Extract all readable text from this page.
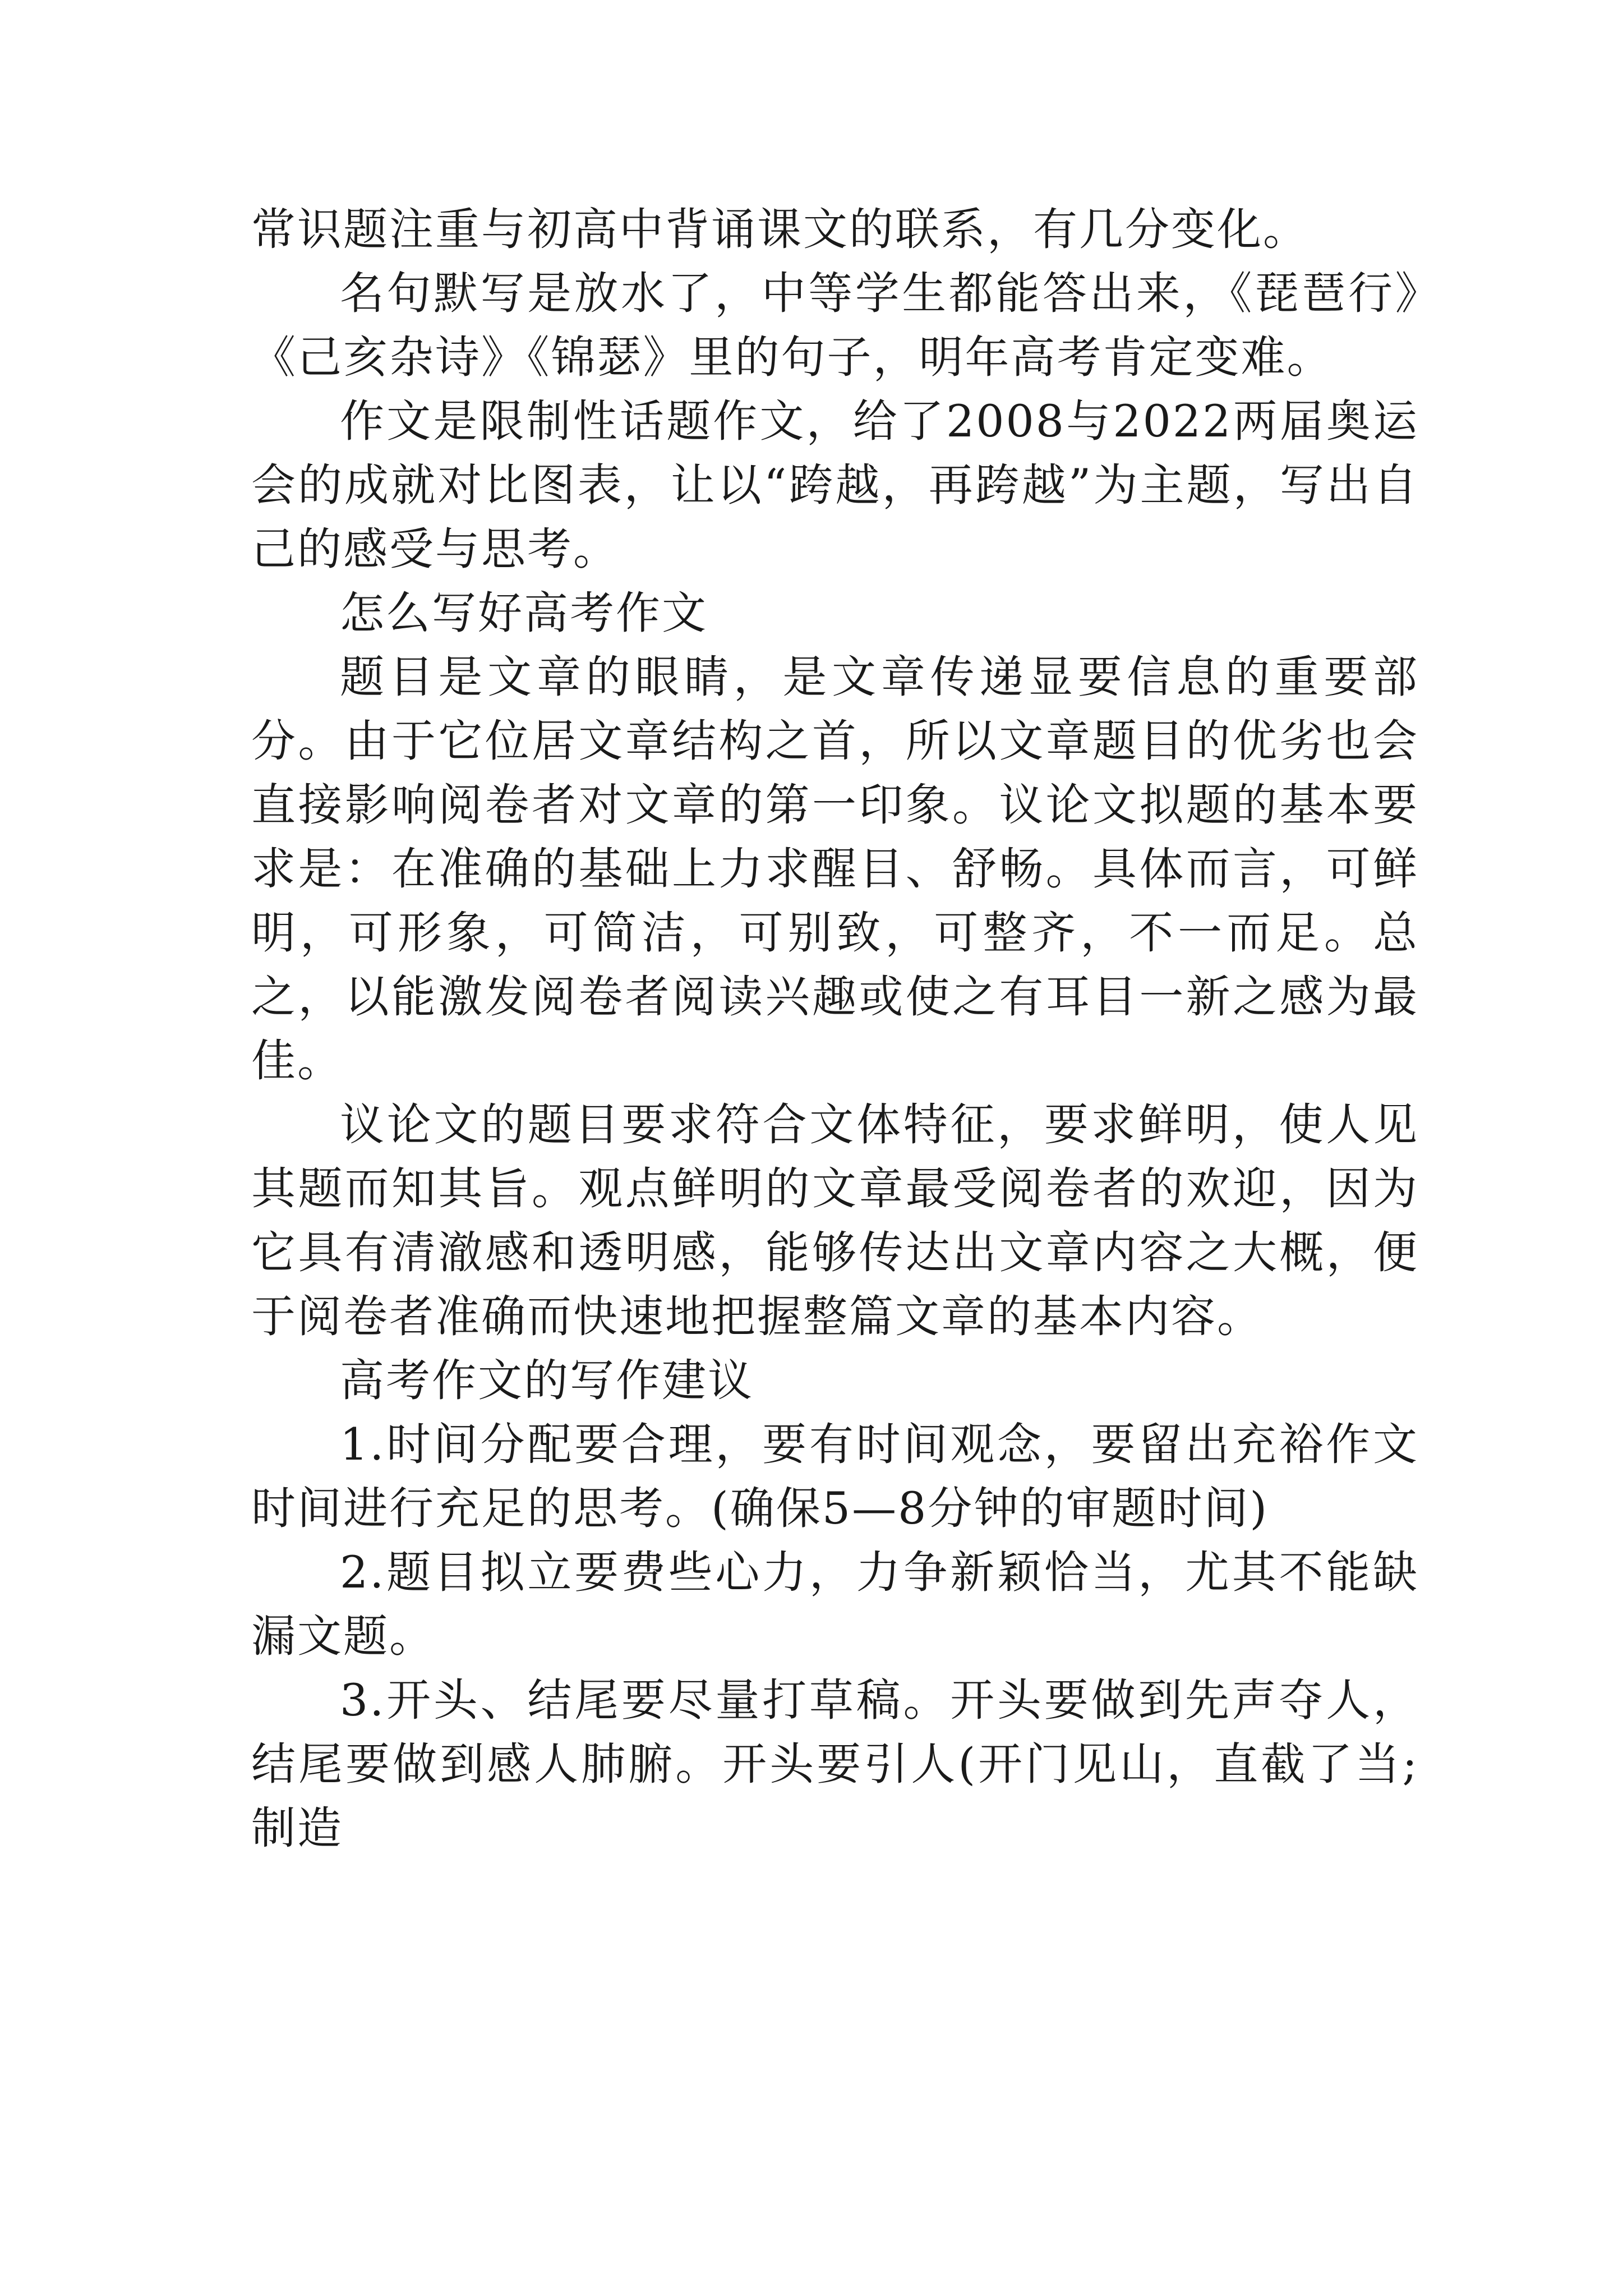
常识题注重与初高中背诵课文的联系，有几分变化。

名句默写是放水了，中等学生都能答出来，《琵琶行》《己亥杂诗》《锦瑟》里的句子，明年高考肯定变难。

作文是限制性话题作文，给了2008与2022两届奥运会的成就对比图表，让以“跨越，再跨越”为主题，写出自己的感受与思考。

怎么写好高考作文

题目是文章的眼睛，是文章传递显要信息的重要部分。由于它位居文章结构之首，所以文章题目的优劣也会直接影响阅卷者对文章的第一印象。议论文拟题的基本要求是：在准确的基础上力求醒目、舒畅。具体而言，可鲜明，可形象，可简洁，可别致，可整齐，不一而足。总之，以能激发阅卷者阅读兴趣或使之有耳目一新之感为最佳。

议论文的题目要求符合文体特征，要求鲜明，使人见其题而知其旨。观点鲜明的文章最受阅卷者的欢迎，因为它具有清澈感和透明感，能够传达出文章内容之大概，便于阅卷者准确而快速地把握整篇文章的基本内容。

高考作文的写作建议

1.时间分配要合理，要有时间观念，要留出充裕作文时间进行充足的思考。(确保5—8分钟的审题时间)

2.题目拟立要费些心力，力争新颖恰当，尤其不能缺漏文题。

3.开头、结尾要尽量打草稿。开头要做到先声夺人，结尾要做到感人肺腑。开头要引人(开门见山，直截了当;制造
